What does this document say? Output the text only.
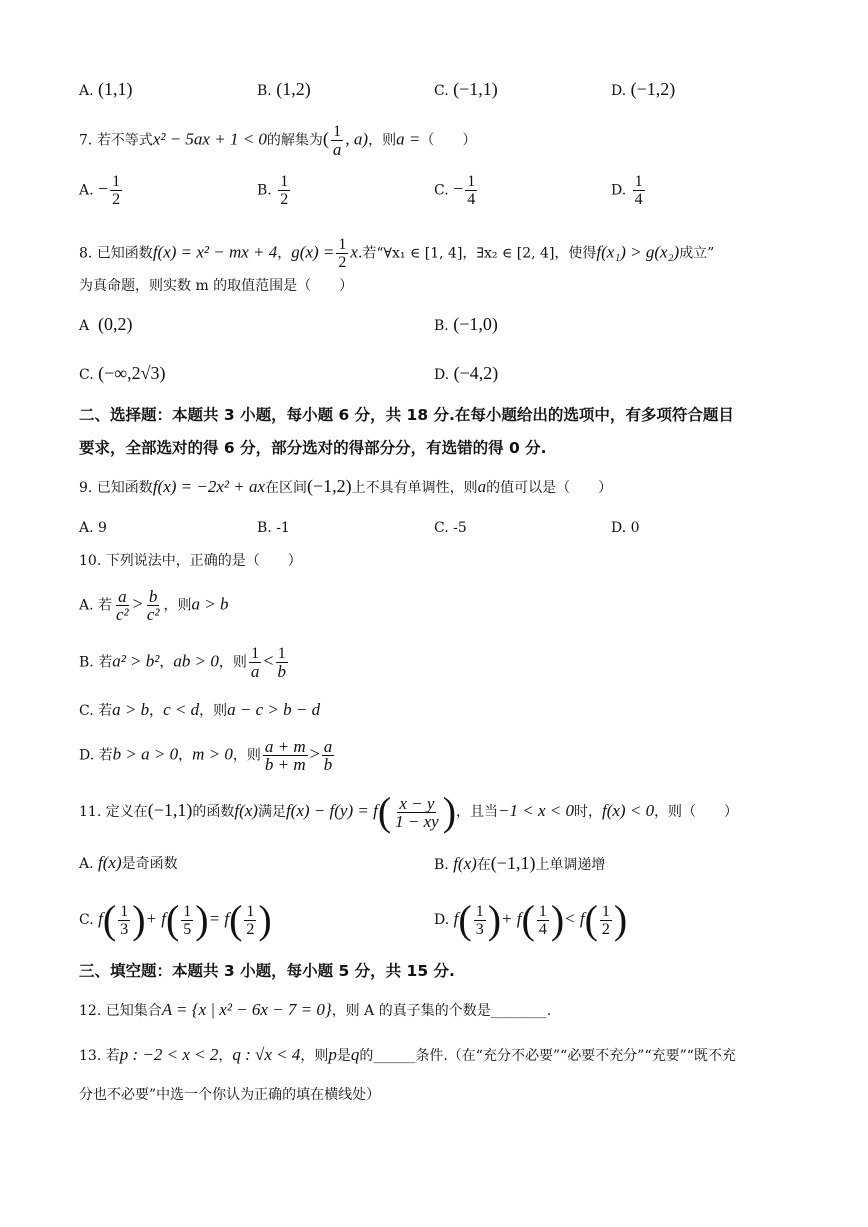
A. (1,1)	B. (1,2)	C. (−1,1)	D. (−1,2)
7. 若不等式x² − 5ax + 1 < 0的解集为( $\frac{1}{a}$ , a)，则a =（　　）
A. − $\frac{1}{2}$	B. $\frac{1}{2}$	C. − $\frac{1}{4}$	D. $\frac{1}{4}$
8. 已知函数f(x) = x² − mx + 4，$g(x) = \frac{1}{2} x$.若“∀x₁ ∈ [1, 4]，∃x₂ ∈ [2, 4]，使得f(x₁) > g(x₂)成立”
为真命题，则实数 m 的取值范围是（　　）
A (0,2)	B. (−1,0)
C. (−∞,2√3)	D. (−4,2)
二、选择题：本题共 3 小题，每小题 6 分，共 18 分.在每小题给出的选项中，有多项符合题目
要求，全部选对的得 6 分，部分选对的得部分分，有选错的得 0 分.
9. 已知函数f(x) = −2x² + ax在区间(−1,2)上不具有单调性，则a的值可以是（　　）
A. 9	B. -1	C. -5	D. 0
10. 下列说法中，正确的是（　　）
A. 若 $\frac{a}{\text{c²}} > \frac{b}{\text{c²}}$ ，则a > b
B. 若a² > b²，ab > 0，则 $\frac{1}{a} < \frac{1}{b}$
C. 若a > b，c < d，则a − c > b − d
D. 若b > a > 0，m > 0，则 $\frac{a + m}{b + m} > \frac{a}{b}$
11. 定义在(−1,1)的函数f(x)满足$f(x) - f(y) = f( \frac{x - y}{1 - xy}$ )，且当−1 < x < 0时，f(x) < 0，则（　　）
A. f(x)是奇函数	B. f(x)在(−1,1)上单调递增
C. $f( \frac{1}{3}$ )+ $f( \frac{1}{5}$ )= $f( \frac{1}{2}$ )	D. $f( \frac{1}{3}$ )+ $f( \frac{1}{4}$ )< $f( \frac{1}{2}$ )
三、填空题：本题共 3 小题，每小题 5 分，共 15 分.
12. 已知集合A = {x | x² − 6x − 7 = 0}，则 A 的真子集的个数是________.
13. 若p : −2 < x < 2，q : √x < 4，则p是q的______条件.（在“充分不必要”“必要不充分”“充要”“既不充
分也不必要”中选一个你认为正确的填在横线处）
